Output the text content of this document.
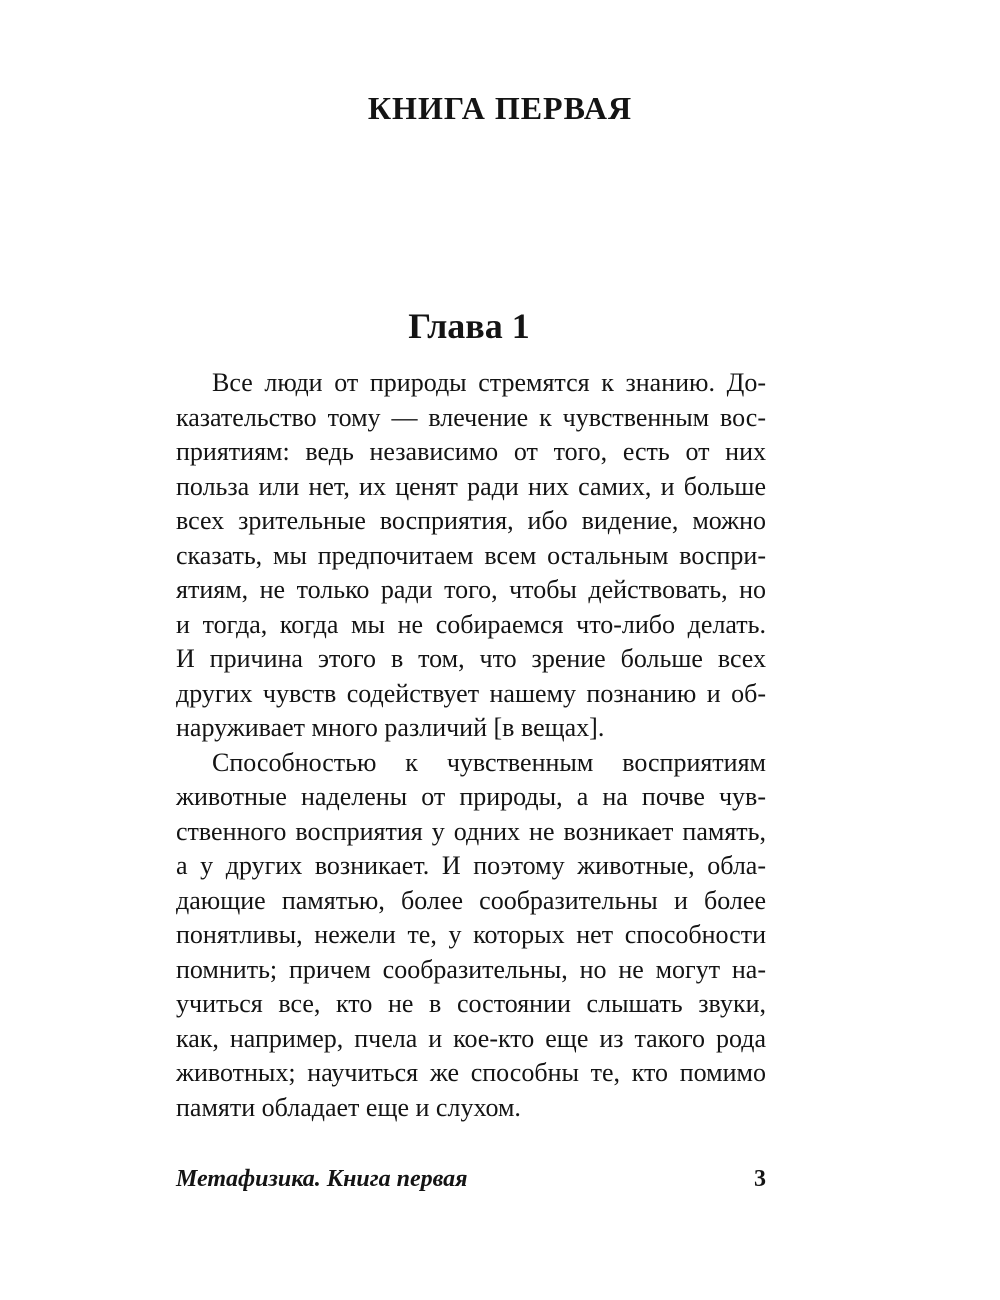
КНИГА ПЕРВАЯ
Глава 1
Все люди от природы стремятся к знанию. До-
казательство тому — влечение к чувственным вос-
приятиям: ведь независимо от того, есть от них
польза или нет, их ценят ради них самих, и больше
всех зрительные восприятия, ибо видение, можно
сказать, мы предпочитаем всем остальным воспри-
ятиям, не только ради того, чтобы действовать, но
и тогда, когда мы не собираемся что-либо делать.
И причина этого в том, что зрение больше всех
других чувств содействует нашему познанию и об-
наруживает много различий [в вещах].
Способностью к чувственным восприятиям
животные наделены от природы, а на почве чув-
ственного восприятия у одних не возникает память,
а у других возникает. И поэтому животные, обла-
дающие памятью, более сообразительны и более
понятливы, нежели те, у которых нет способности
помнить; причем сообразительны, но не могут на-
учиться все, кто не в состоянии слышать звуки,
как, например, пчела и кое-кто еще из такого рода
животных; научиться же способны те, кто помимо
памяти обладает еще и слухом.
Метафизика. Книга первая	3
